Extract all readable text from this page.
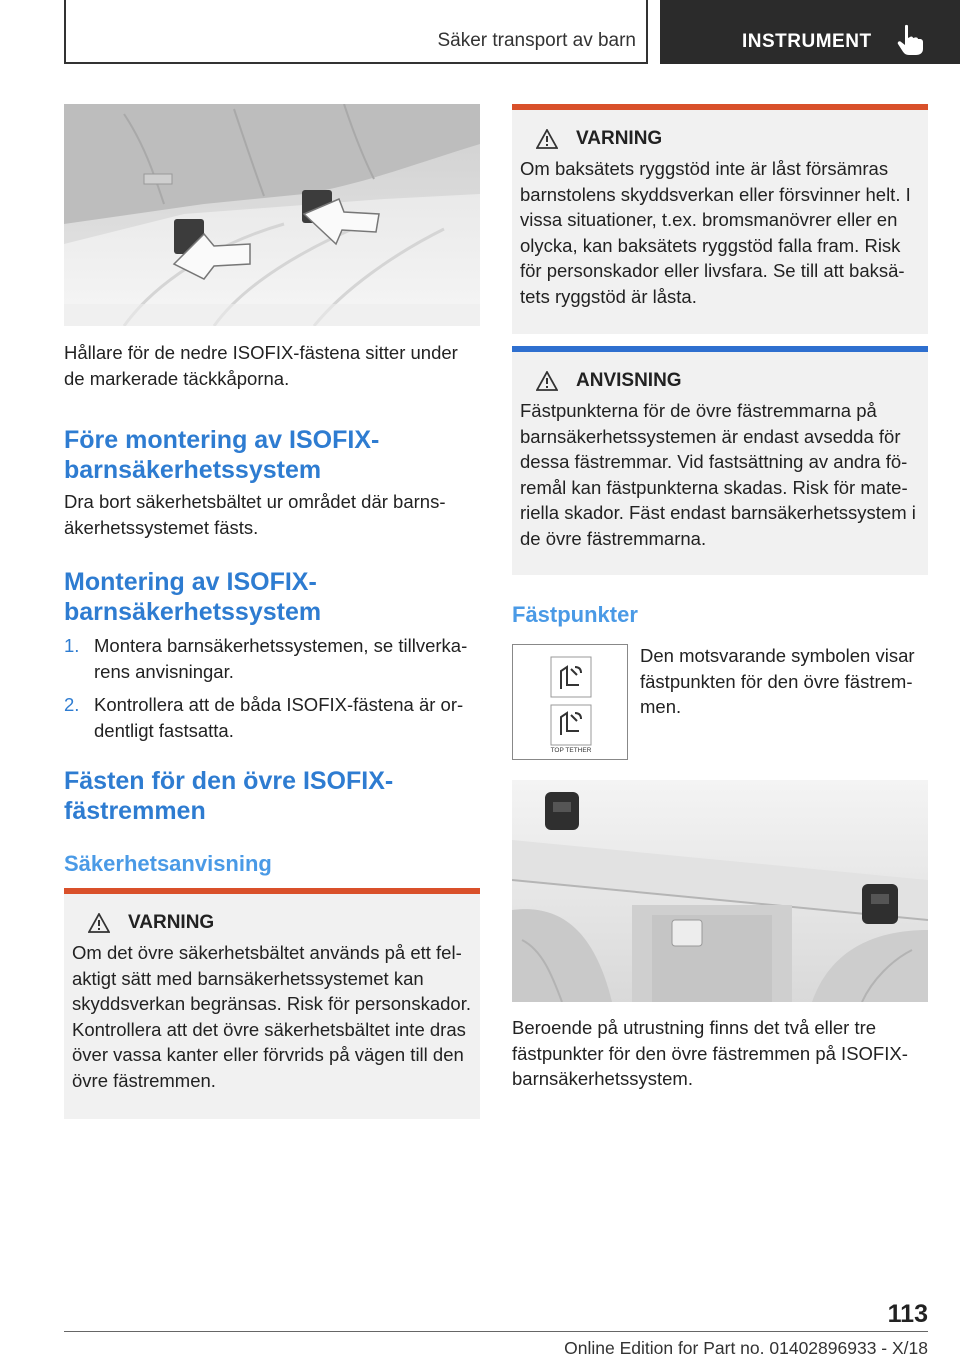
Säker transport av barn	INSTRUMENT
Hållare för de nedre ISOFIX-fästena sitter under de markerade täckkåporna.
Före montering av ISOFIX-barnsäkerhetssystem
Dra bort säkerhetsbältet ur området där barnsäkerhetssystemet fästs.
Montering av ISOFIX-barnsäkerhetssystem
1. Montera barnsäkerhetssystemen, se tillverkarens anvisningar.
2. Kontrollera att de båda ISOFIX-fästena är ordentligt fastsatta.
Fästen för den övre ISOFIX-fästremmen
Säkerhetsanvisning
VARNING
Om det övre säkerhetsbältet används på ett felaktigt sätt med barnsäkerhetssystemet kan skyddsverkan begränsas. Risk för personskador. Kontrollera att det övre säkerhetsbältet inte dras över vassa kanter eller förvrids på vägen till den övre fästremmen.
VARNING
Om baksätets ryggstöd inte är låst försämras barnstolens skyddsverkan eller försvinner helt. I vissa situationer, t.ex. bromsmanövrer eller en olycka, kan baksätets ryggstöd falla fram. Risk för personskador eller livsfara. Se till att baksätets ryggstöd är låsta.
ANVISNING
Fästpunkterna för de övre fästremmarna på barnsäkerhetssystemen är endast avsedda för dessa fästremmar. Vid fastsättning av andra föremål kan fästpunkterna skadas. Risk för materiella skador. Fäst endast barnsäkerhetssystem i de övre fästremmarna.
Fästpunkter
TOP TETHER
Den motsvarande symbolen visar fästpunkten för den övre fästremmen.
Beroende på utrustning finns det två eller tre fästpunkter för den övre fästremmen på ISOFIX-barnsäkerhetssystem.
113
Online Edition for Part no. 01402896933 - X/18
